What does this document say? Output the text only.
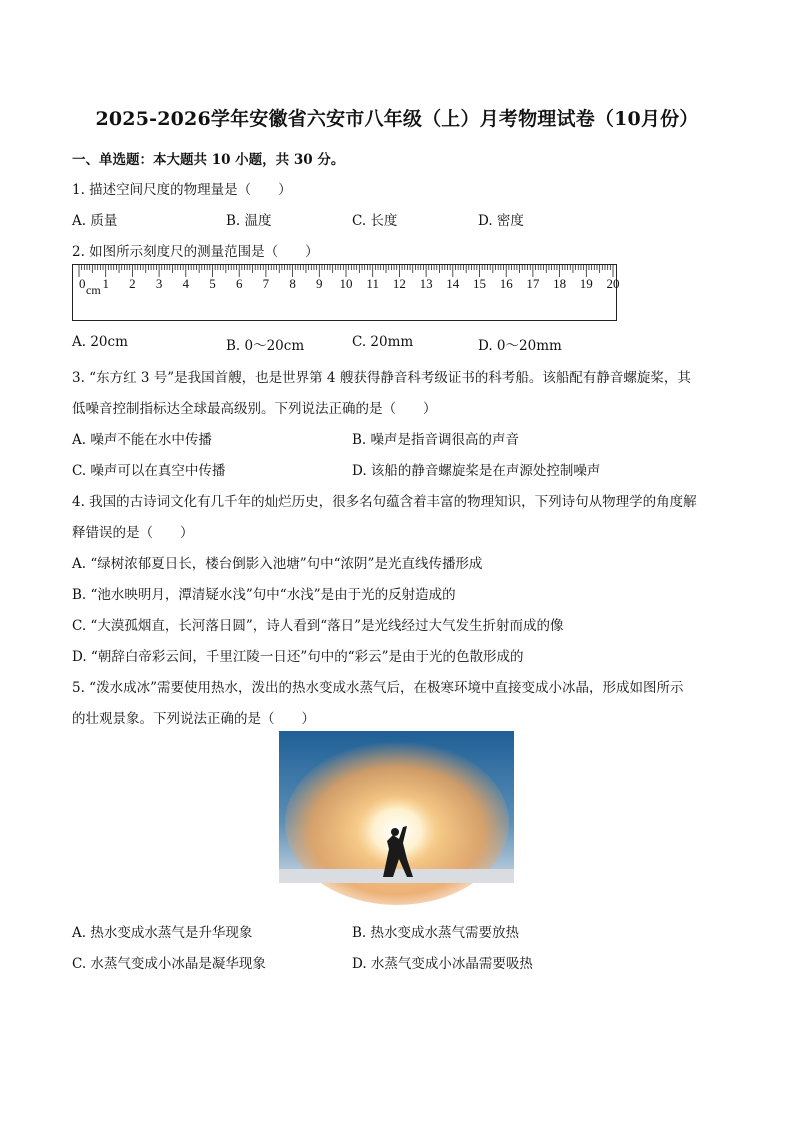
2025-2026学年安徽省六安市八年级（上）月考物理试卷（10月份）
一、单选题：本大题共 10 小题，共 30 分。
1. 描述空间尺度的物理量是（　　）
A. 质量	B. 温度	C. 长度	D. 密度
2. 如图所示刻度尺的测量范围是（　　）
0 1 2 3 4 5 6 7 8 9 10 11 12 13 14 15 16 17 18 19 20
cm
A. 20cm	B. 0～20cm	C. 20mm	D. 0～20mm
3. “东方红 3 号”是我国首艘，也是世界第 4 艘获得静音科考级证书的科考船。该船配有静音螺旋桨，其
低噪音控制指标达全球最高级别。下列说法正确的是（　　）
A. 噪声不能在水中传播	B. 噪声是指音调很高的声音
C. 噪声可以在真空中传播	D. 该船的静音螺旋桨是在声源处控制噪声
4. 我国的古诗词文化有几千年的灿烂历史，很多名句蕴含着丰富的物理知识，下列诗句从物理学的角度解
释错误的是（　　）
A. “绿树浓郁夏日长，楼台倒影入池塘”句中“浓阴”是光直线传播形成
B. “池水映明月，潭清疑水浅”句中“水浅”是由于光的反射造成的
C. “大漠孤烟直，长河落日圆”，诗人看到“落日”是光线经过大气发生折射而成的像
D. “朝辞白帝彩云间，千里江陵一日还”句中的“彩云”是由于光的色散形成的
5. “泼水成冰”需要使用热水，泼出的热水变成水蒸气后，在极寒环境中直接变成小冰晶，形成如图所示
的壮观景象。下列说法正确的是（　　）
A. 热水变成水蒸气是升华现象	B. 热水变成水蒸气需要放热
C. 水蒸气变成小冰晶是凝华现象	D. 水蒸气变成小冰晶需要吸热
